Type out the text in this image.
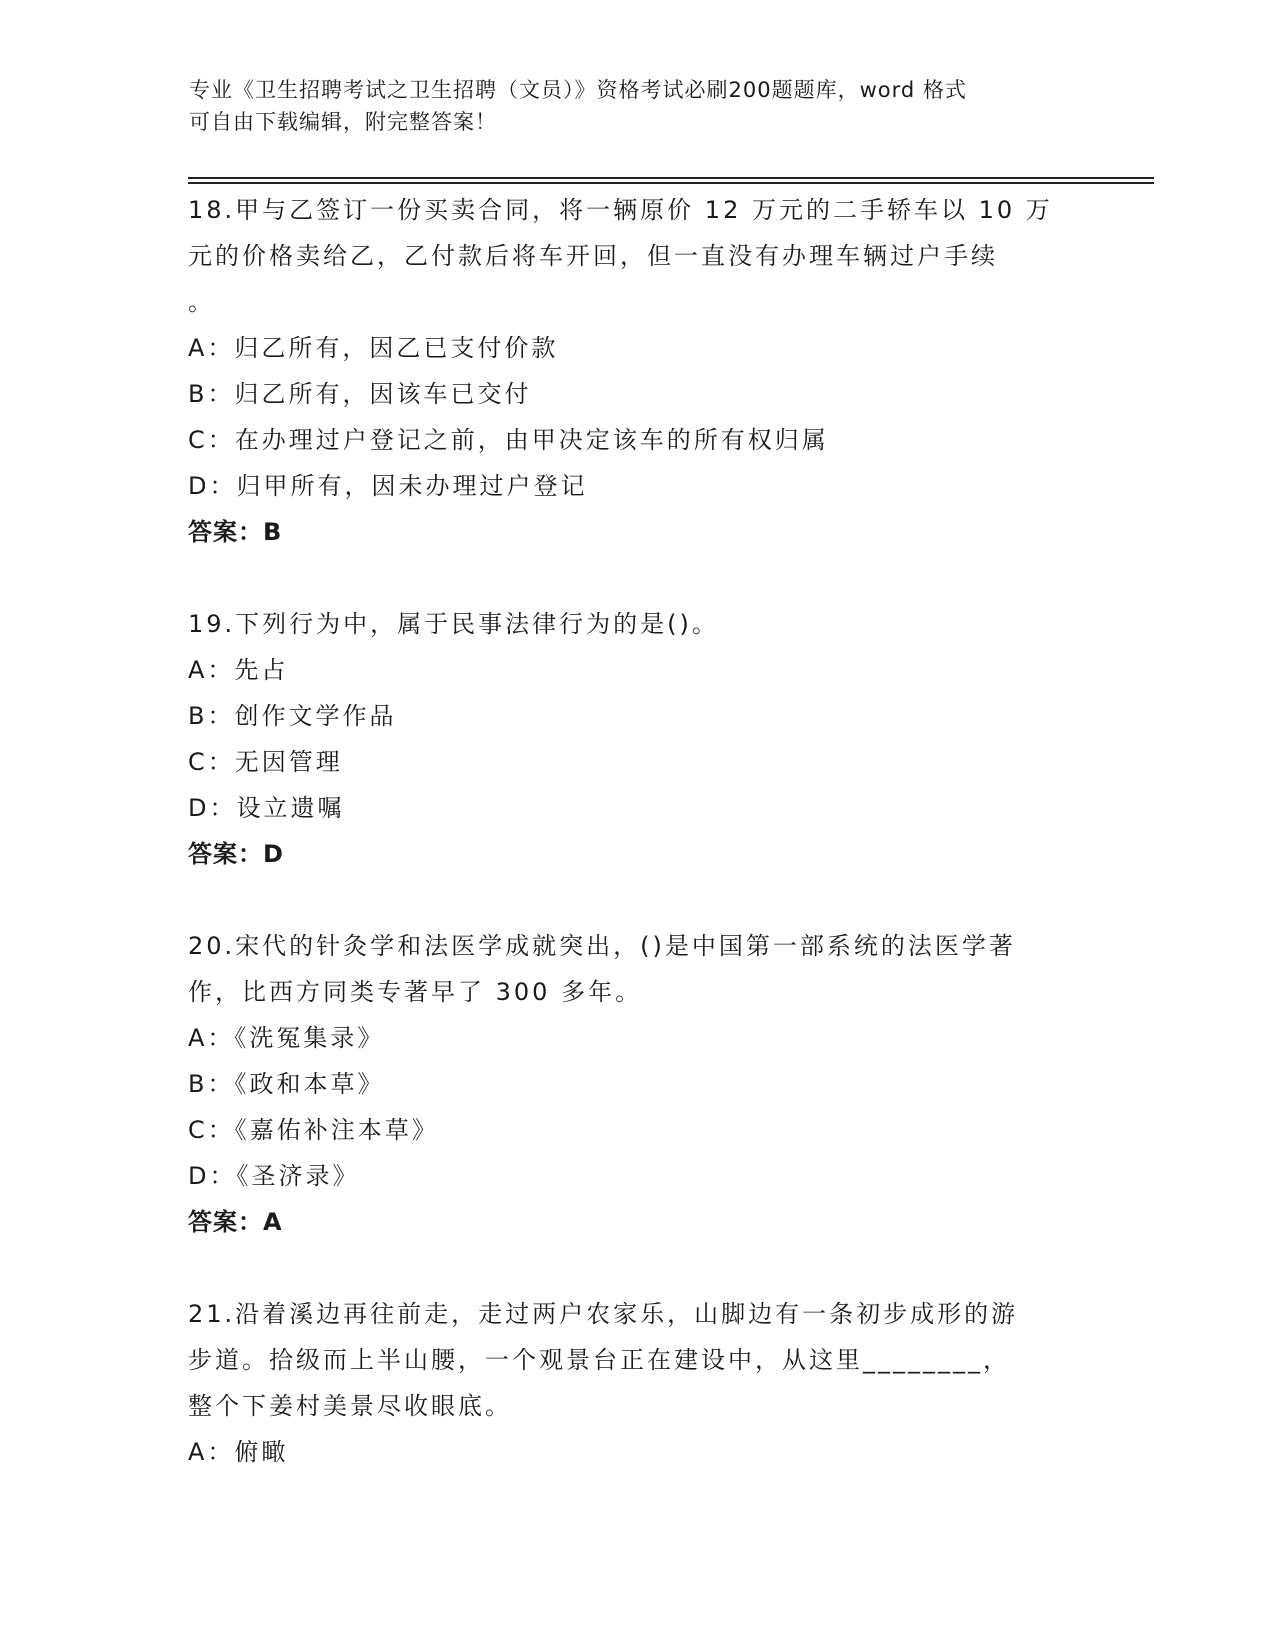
专业《卫生招聘考试之卫生招聘（文员）》资格考试必刷200题题库，word 格式

可自由下载编辑，附完整答案！

18.甲与乙签订一份买卖合同，将一辆原价 12 万元的二手轿车以 10 万

元的价格卖给乙，乙付款后将车开回，但一直没有办理车辆过户手续

。

A：归乙所有，因乙已支付价款

B：归乙所有，因该车已交付

C：在办理过户登记之前，由甲决定该车的所有权归属

D：归甲所有，因未办理过户登记

答案：B

19.下列行为中，属于民事法律行为的是()。

A：先占

B：创作文学作品

C：无因管理

D：设立遗嘱

答案：D

20.宋代的针灸学和法医学成就突出，()是中国第一部系统的法医学著

作，比西方同类专著早了 300 多年。

A：《洗冤集录》

B：《政和本草》

C：《嘉佑补注本草》

D：《圣济录》

答案：A

21.沿着溪边再往前走，走过两户农家乐，山脚边有一条初步成形的游

步道。拾级而上半山腰，一个观景台正在建设中，从这里________，

整个下姜村美景尽收眼底。

A：俯瞰
